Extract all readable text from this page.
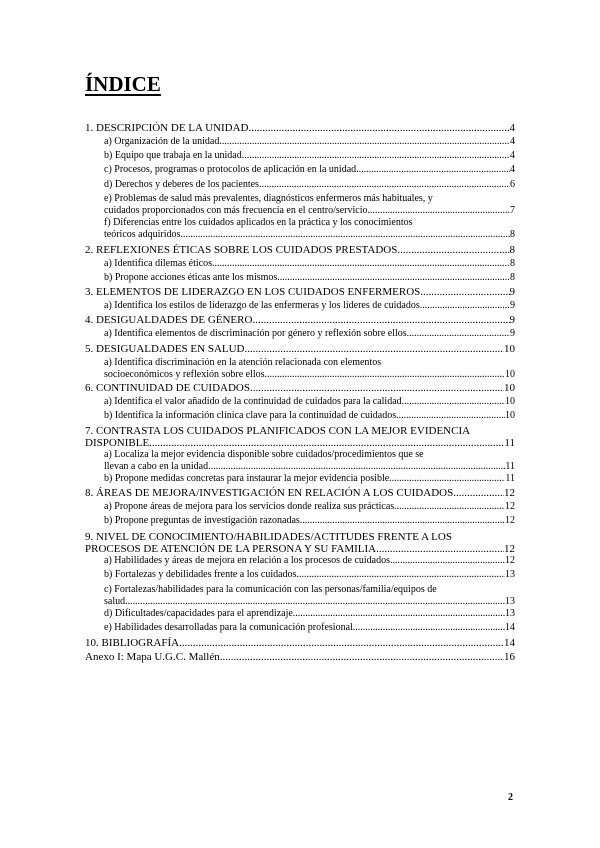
ÍNDICE
1. DESCRIPCIÓN DE LA UNIDAD .....	4
a) Organización de la unidad .....	4
b) Equipo que trabaja en la unidad .....	4
c) Procesos, programas o protocolos de aplicación en la unidad .....	4
d) Derechos y deberes de los pacientes .....	6
e) Problemas de salud más prevalentes, diagnósticos enfermeros más habituales, y
cuidados proporcionados con más frecuencia en el centro/servicio .....	7
f) Diferencias entre los cuidados aplicados en la práctica y los conocimientos
teóricos adquiridos .....	8
2. REFLEXIONES ÉTICAS SOBRE LOS CUIDADOS PRESTADOS .....	8
a) Identifica dilemas éticos .....	8
b) Propone acciones éticas ante los mismos .....	8
3. ELEMENTOS DE LIDERAZGO EN LOS CUIDADOS ENFERMEROS .....	9
a) Identifica los estilos de liderazgo de las enfermeras y los líderes de cuidados .....	9
4. DESIGUALDADES DE GÉNERO .....	9
a) Identifica elementos de discriminación por género y reflexión sobre ellos .....	9
5. DESIGUALDADES EN SALUD .....	10
a) Identifica discriminación en la atención relacionada con elementos
socioeconómicos y reflexión sobre ellos .....	10
6. CONTINUIDAD DE CUIDADOS .....	10
a) Identifica el valor añadido de la continuidad de cuidados para la calidad .....	10
b) Identifica la información clínica clave para la continuidad de cuidados .....	10
7. CONTRASTA LOS CUIDADOS PLANIFICADOS CON LA MEJOR EVIDENCIA
DISPONIBLE .....	11
a) Localiza la mejor evidencia disponible sobre cuidados/procedimientos que se
llevan a cabo en la unidad .....	11
b) Propone medidas concretas para instaurar la mejor evidencia posible .....	11
8. ÁREAS DE MEJORA/INVESTIGACIÓN EN RELACIÓN A LOS CUIDADOS .....	12
a) Propone áreas de mejora para los servicios donde realiza sus prácticas .....	12
b) Propone preguntas de investigación razonadas .....	12
9. NIVEL DE CONOCIMIENTO/HABILIDADES/ACTITUDES FRENTE A LOS
PROCESOS DE ATENCIÓN DE LA PERSONA Y SU FAMILIA .....	12
a) Habilidades y áreas de mejora en relación a los procesos de cuidados .....	12
b) Fortalezas y debilidades frente a los cuidados .....	13
c) Fortalezas/habilidades para la comunicación con las personas/familia/equipos de
salud .....	13
d) Dificultades/capacidades para el aprendizaje .....	13
e) Habilidades desarrolladas para la comunicación profesional .....	14
10. BIBLIOGRAFÍA .....	14
Anexo I: Mapa U.G.C. Mallén .....	16
2
